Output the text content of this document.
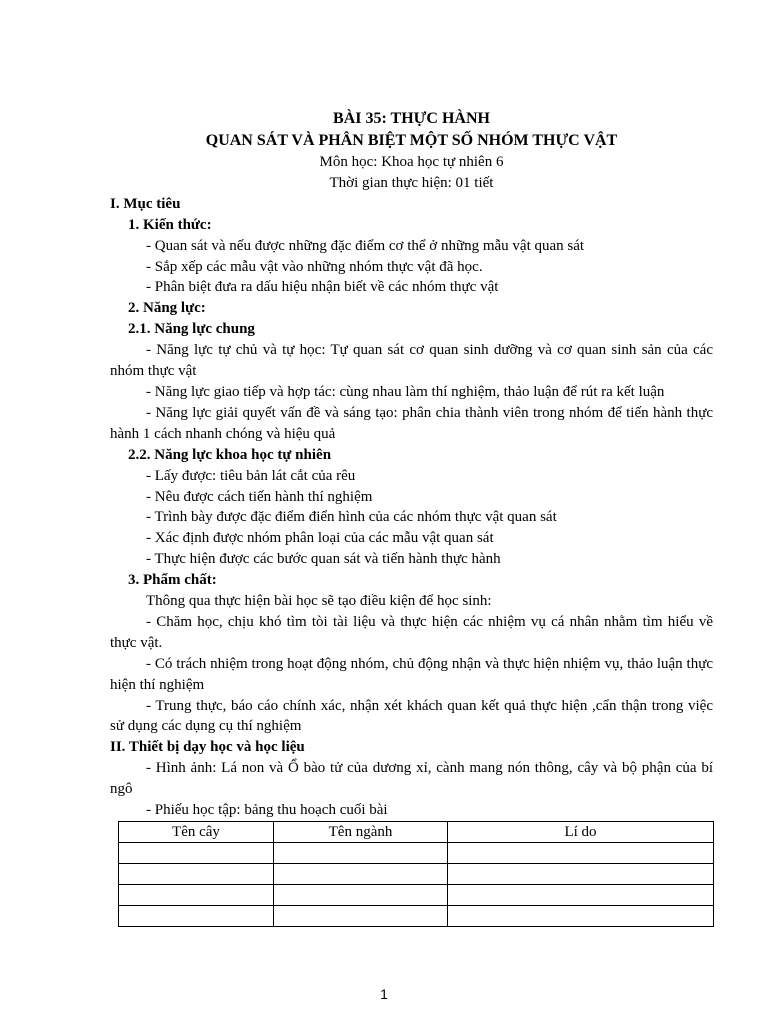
BÀI 35: THỰC HÀNH
QUAN SÁT VÀ PHÂN BIỆT MỘT SỐ NHÓM THỰC VẬT
Môn học: Khoa học tự nhiên 6
Thời gian thực hiện: 01 tiết
I. Mục tiêu
1. Kiến thức:
- Quan sát và nếu được những đặc điểm cơ thể ở những mẫu vật quan sát
- Sắp xếp các mẫu vật vào những nhóm thực vật đã học.
- Phân biệt đưa ra dấu hiệu nhận biết về các nhóm thực vật
2. Năng lực:
2.1. Năng lực chung
- Năng lực tự chủ và tự học: Tự quan sát cơ quan sinh dưỡng và cơ quan sinh sản của các nhóm thực vật
- Năng lực giao tiếp và hợp tác: cùng nhau làm thí nghiệm, thảo luận để rút ra kết luận
- Năng lực giải quyết vấn đề và sáng tạo: phân chia thành viên trong nhóm để tiến hành thực hành 1 cách nhanh chóng và hiệu quả
2.2. Năng lực khoa học tự nhiên
- Lấy được: tiêu bản lát cắt của rêu
- Nêu được cách tiến hành thí nghiệm
- Trình bày được đặc điểm điển hình của các nhóm thực vật quan sát
- Xác định được nhóm phân loại của các mẫu vật quan sát
- Thực hiện được các bước quan sát và tiến hành thực hành
3. Phẩm chất:
Thông qua thực hiện bài học sẽ tạo điều kiện để học sinh:
- Chăm học, chịu khó tìm tòi tài liệu và thực hiện các nhiệm vụ cá nhân nhằm tìm hiểu về thực vật.
- Có trách nhiệm trong hoạt động nhóm, chủ động nhận và thực hiện nhiệm vụ, thảo luận thực hiện thí nghiệm
- Trung thực, báo cáo chính xác, nhận xét khách quan kết quả thực hiện ,cẩn thận trong việc sử dụng các dụng cụ thí nghiệm
II. Thiết bị dạy học và học liệu
- Hình ảnh: Lá non và Ổ bào tử của dương xỉ, cành mang nón thông, cây và bộ phận của bí ngô
- Phiếu học tập: bảng thu hoạch cuối bài
Tên cây	Tên ngành	Lí do

1
